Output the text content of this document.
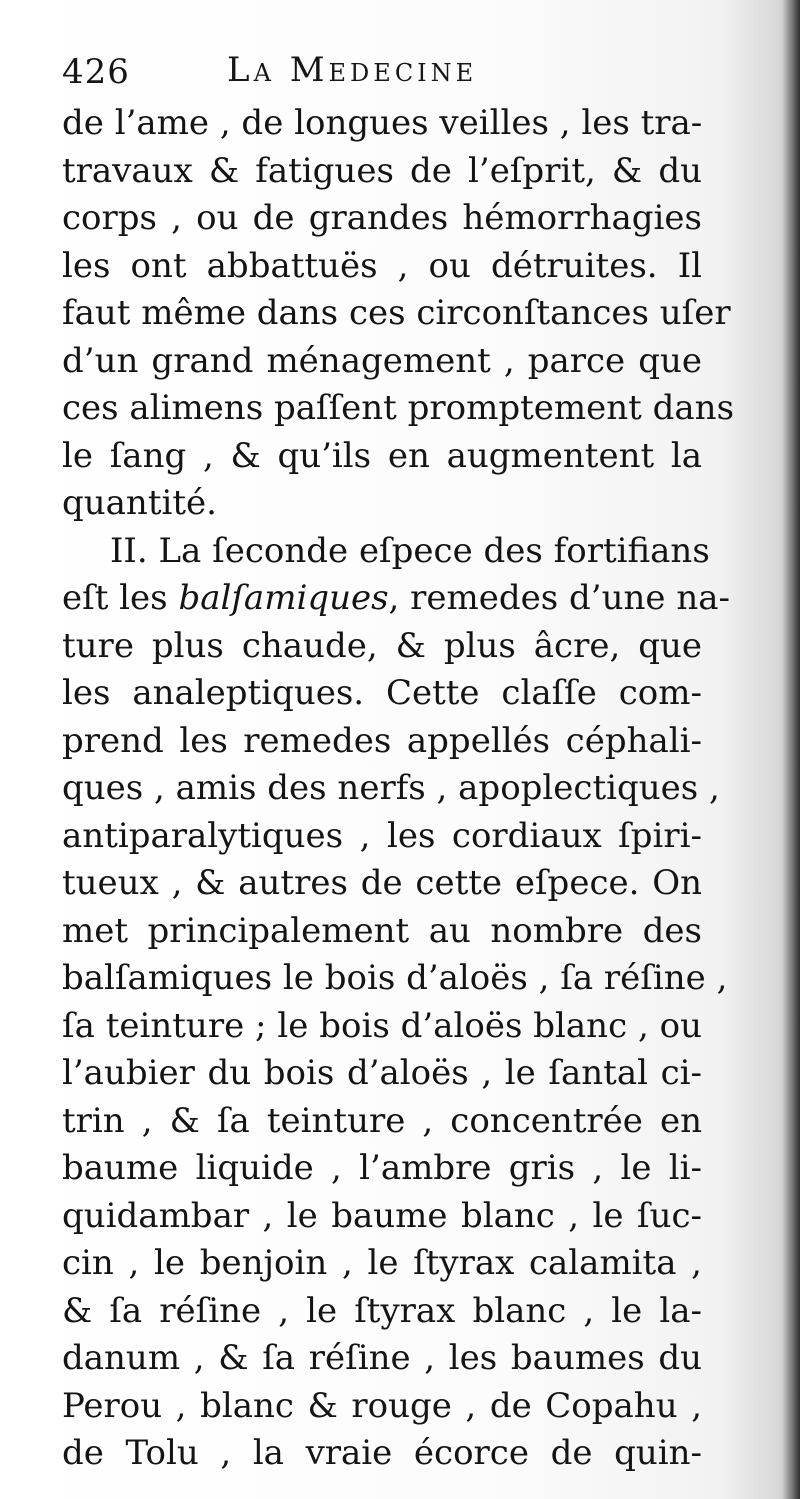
426	La Medecine
de l’ame , de longues veilles , les tra-
travaux & fatigues de l’eſprit, & du
corps , ou de grandes hémorrhagies
les ont abbattuës , ou détruites. Il
faut même dans ces circonſtances uſer
d’un grand ménagement , parce que
ces alimens paſſent promptement dans
le ſang , & qu’ils en augmentent la
quantité.
II. La ſeconde eſpece des fortifians
eſt les balſamiques, remedes d’une na-
ture plus chaude, & plus âcre, que
les analeptiques. Cette claſſe com-
prend les remedes appellés céphali-
ques , amis des nerfs , apoplectiques ,
antiparalytiques , les cordiaux ſpiri-
tueux , & autres de cette eſpece. On
met principalement au nombre des
balſamiques le bois d’aloës , ſa réſine ,
ſa teinture ; le bois d’aloës blanc , ou
l’aubier du bois d’aloës , le ſantal ci-
trin , & ſa teinture , concentrée en
baume liquide , l’ambre gris , le li-
quidambar , le baume blanc , le ſuc-
cin , le benjoin , le ſtyrax calamita ,
& ſa réſine , le ſtyrax blanc , le la-
danum , & ſa réſine , les baumes du
Perou , blanc & rouge , de Copahu ,
de Tolu , la vraie écorce de quin-
